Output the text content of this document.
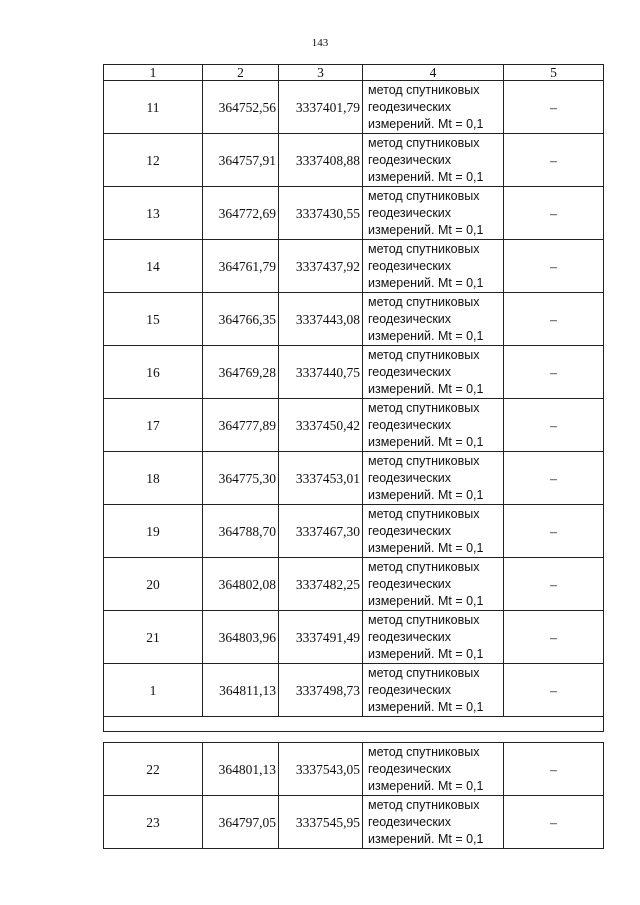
143
1	2	3	4	5
11	364752,56	3337401,79	метод спутниковых
геодезических
измерений. Mt = 0,1	–
12	364757,91	3337408,88	метод спутниковых
геодезических
измерений. Mt = 0,1	–
13	364772,69	3337430,55	метод спутниковых
геодезических
измерений. Mt = 0,1	–
14	364761,79	3337437,92	метод спутниковых
геодезических
измерений. Mt = 0,1	–
15	364766,35	3337443,08	метод спутниковых
геодезических
измерений. Mt = 0,1	–
16	364769,28	3337440,75	метод спутниковых
геодезических
измерений. Mt = 0,1	–
17	364777,89	3337450,42	метод спутниковых
геодезических
измерений. Mt = 0,1	–
18	364775,30	3337453,01	метод спутниковых
геодезических
измерений. Mt = 0,1	–
19	364788,70	3337467,30	метод спутниковых
геодезических
измерений. Mt = 0,1	–
20	364802,08	3337482,25	метод спутниковых
геодезических
измерений. Mt = 0,1	–
21	364803,96	3337491,49	метод спутниковых
геодезических
измерений. Mt = 0,1	–
1	364811,13	3337498,73	метод спутниковых
геодезических
измерений. Mt = 0,1	–

22	364801,13	3337543,05	метод спутниковых
геодезических
измерений. Mt = 0,1	–
23	364797,05	3337545,95	метод спутниковых
геодезических
измерений. Mt = 0,1	–
